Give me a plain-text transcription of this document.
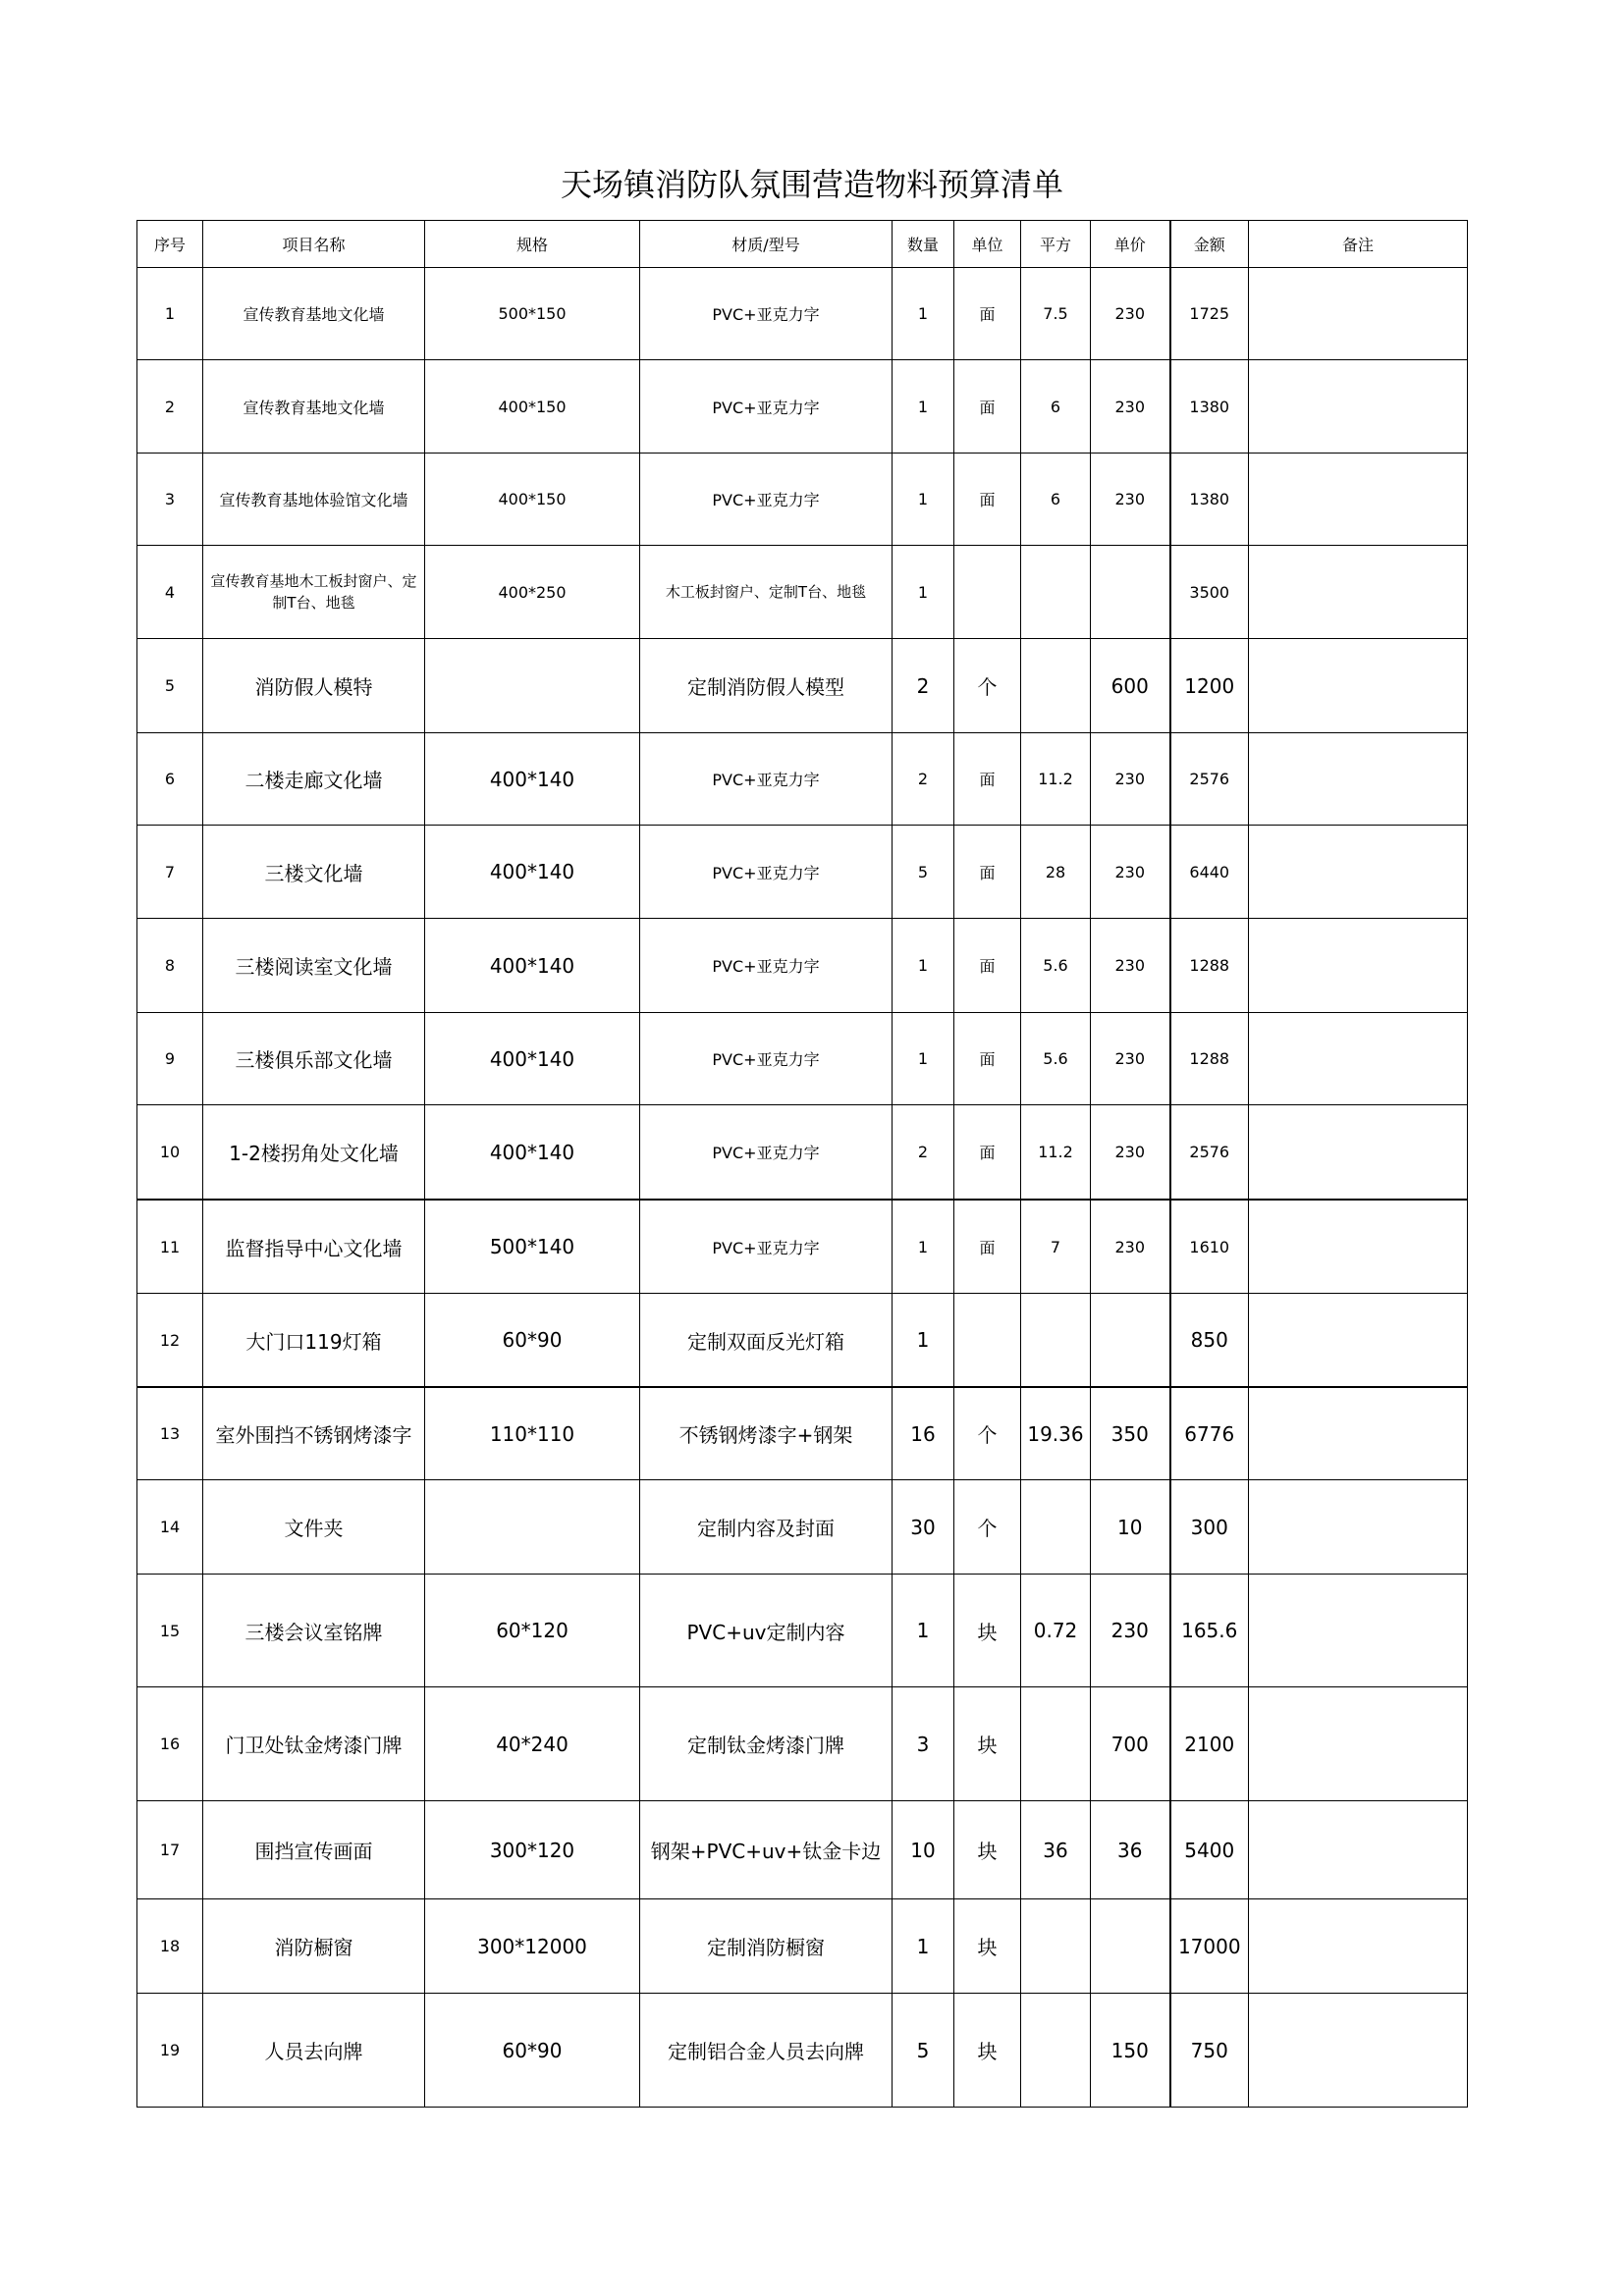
天场镇消防队氛围营造物料预算清单
序号	项目名称	规格	材质/型号	数量	单位	平方	单价	金额	备注
1	宣传教育基地文化墙	500*150	PVC+亚克力字	1	面	7.5	230	1725	
2	宣传教育基地文化墙	400*150	PVC+亚克力字	1	面	6	230	1380	
3	宣传教育基地体验馆文化墙	400*150	PVC+亚克力字	1	面	6	230	1380	
4	宣传教育基地木工板封窗户、定制T台、地毯	400*250	木工板封窗户、定制T台、地毯	1				3500	
5	消防假人模特		定制消防假人模型	2	个		600	1200	
6	二楼走廊文化墙	400*140	PVC+亚克力字	2	面	11.2	230	2576	
7	三楼文化墙	400*140	PVC+亚克力字	5	面	28	230	6440	
8	三楼阅读室文化墙	400*140	PVC+亚克力字	1	面	5.6	230	1288	
9	三楼俱乐部文化墙	400*140	PVC+亚克力字	1	面	5.6	230	1288	
10	1-2楼拐角处文化墙	400*140	PVC+亚克力字	2	面	11.2	230	2576	
11	监督指导中心文化墙	500*140	PVC+亚克力字	1	面	7	230	1610	
12	大门口119灯箱	60*90	定制双面反光灯箱	1				850	
13	室外围挡不锈钢烤漆字	110*110	不锈钢烤漆字+钢架	16	个	19.36	350	6776	
14	文件夹		定制内容及封面	30	个		10	300	
15	三楼会议室铭牌	60*120	PVC+uv定制内容	1	块	0.72	230	165.6	
16	门卫处钛金烤漆门牌	40*240	定制钛金烤漆门牌	3	块		700	2100	
17	围挡宣传画面	300*120	钢架+PVC+uv+钛金卡边	10	块	36	36	5400	
18	消防橱窗	300*12000	定制消防橱窗	1	块			17000	
19	人员去向牌	60*90	定制铝合金人员去向牌	5	块		150	750	
